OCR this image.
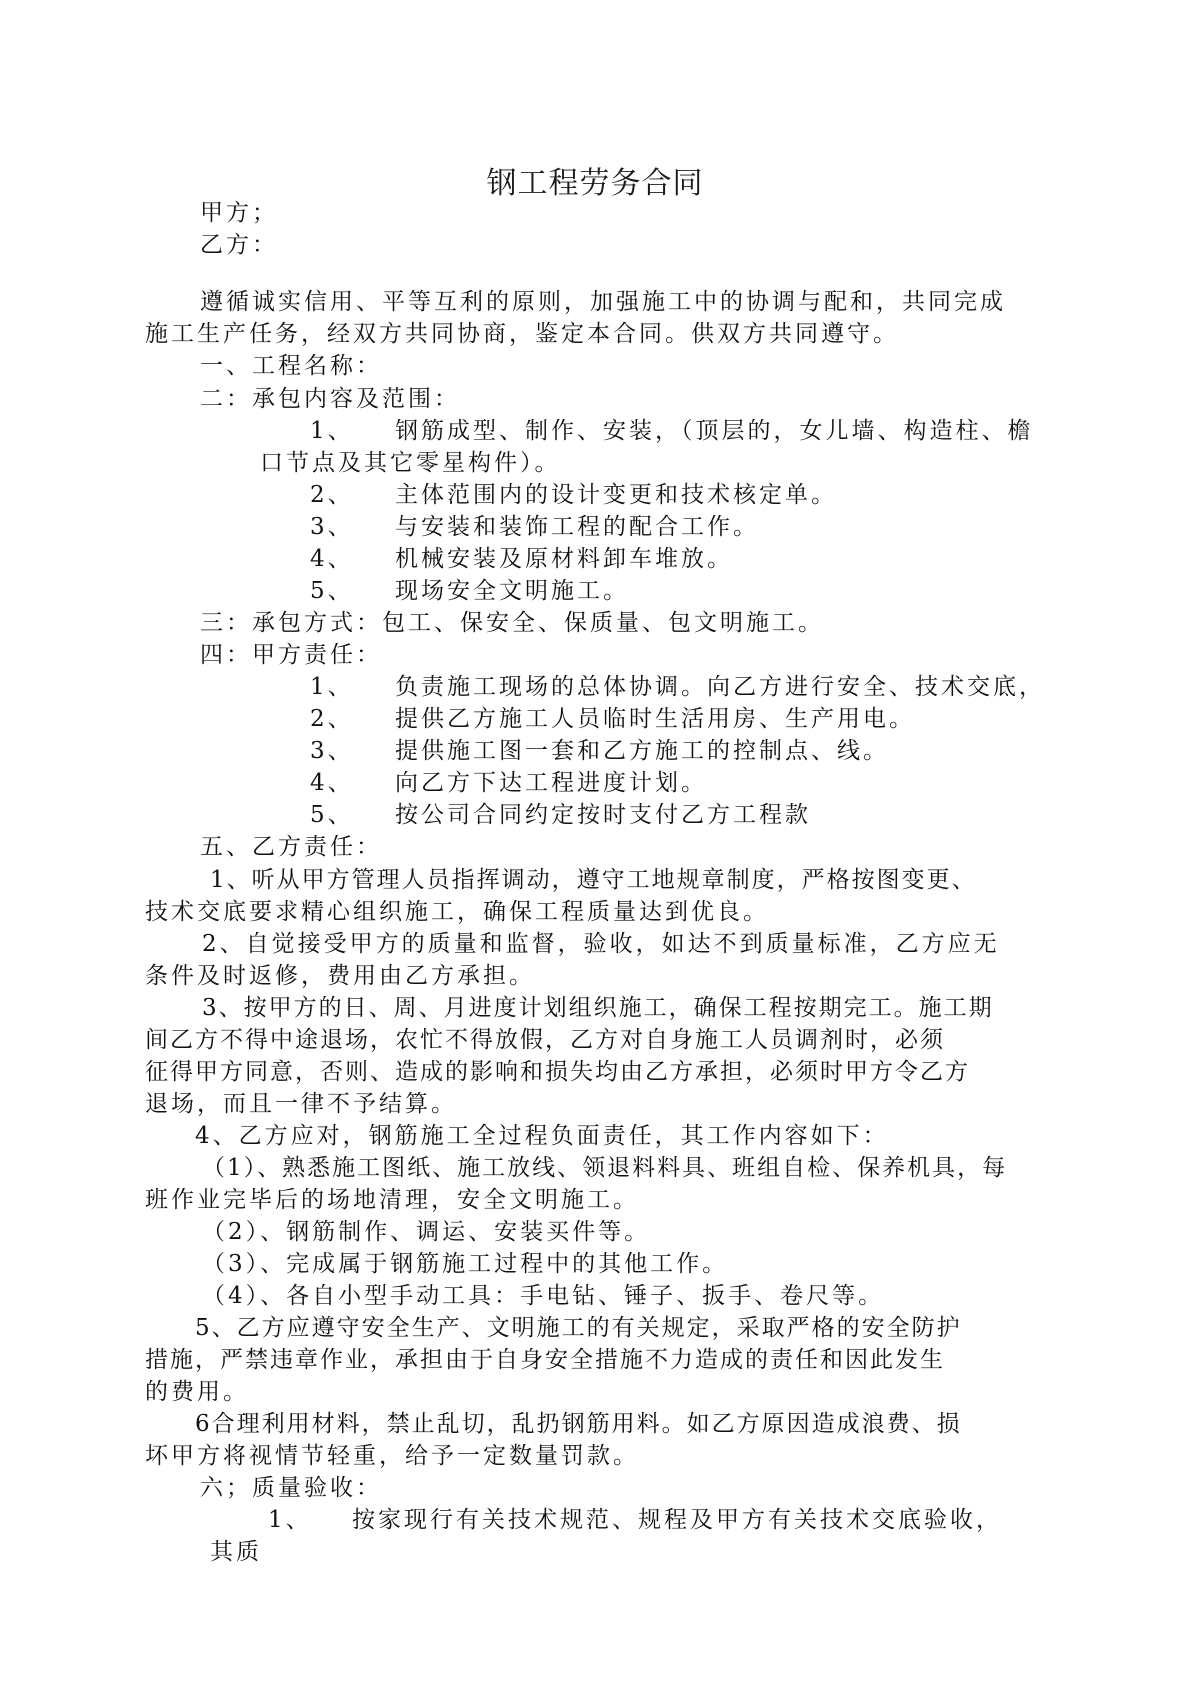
钢工程劳务合同
甲方；
乙方：
遵循诚实信用、平等互利的原则，加强施工中的协调与配和，共同完成
施工生产任务，经双方共同协商，鉴定本合同。供双方共同遵守。
一、工程名称：
二：承包内容及范围：
1、 钢筋成型、制作、安装，（顶层的，女儿墙、构造柱、檐
口节点及其它零星构件）。
2、 主体范围内的设计变更和技术核定单。
3、 与安装和装饰工程的配合工作。
4、 机械安装及原材料卸车堆放。
5、 现场安全文明施工。
三：承包方式：包工、保安全、保质量、包文明施工。
四：甲方责任：
1、 负责施工现场的总体协调。向乙方进行安全、技术交底，
2、 提供乙方施工人员临时生活用房、生产用电。
3、 提供施工图一套和乙方施工的控制点、线。
4、 向乙方下达工程进度计划。
5、 按公司合同约定按时支付乙方工程款
五、乙方责任：
1、听从甲方管理人员指挥调动，遵守工地规章制度，严格按图变更、
技术交底要求精心组织施工，确保工程质量达到优良。
2、自觉接受甲方的质量和监督，验收，如达不到质量标准，乙方应无
条件及时返修，费用由乙方承担。
3、按甲方的日、周、月进度计划组织施工，确保工程按期完工。施工期
间乙方不得中途退场，农忙不得放假，乙方对自身施工人员调剂时，必须
征得甲方同意，否则、造成的影响和损失均由乙方承担，必须时甲方令乙方
退场，而且一律不予结算。
4、乙方应对，钢筋施工全过程负面责任，其工作内容如下：
（1）、熟悉施工图纸、施工放线、领退料料具、班组自检、保养机具，每
班作业完毕后的场地清理，安全文明施工。
（2）、钢筋制作、调运、安装买件等。
（3）、完成属于钢筋施工过程中的其他工作。
（4）、各自小型手动工具：手电钻、锤子、扳手、卷尺等。
5、乙方应遵守安全生产、文明施工的有关规定，采取严格的安全防护
措施，严禁违章作业，承担由于自身安全措施不力造成的责任和因此发生
的费用。
6合理利用材料，禁止乱切，乱扔钢筋用料。如乙方原因造成浪费、损
坏甲方将视情节轻重，给予一定数量罚款。
六；质量验收：
1、 按家现行有关技术规范、规程及甲方有关技术交底验收，
其质
